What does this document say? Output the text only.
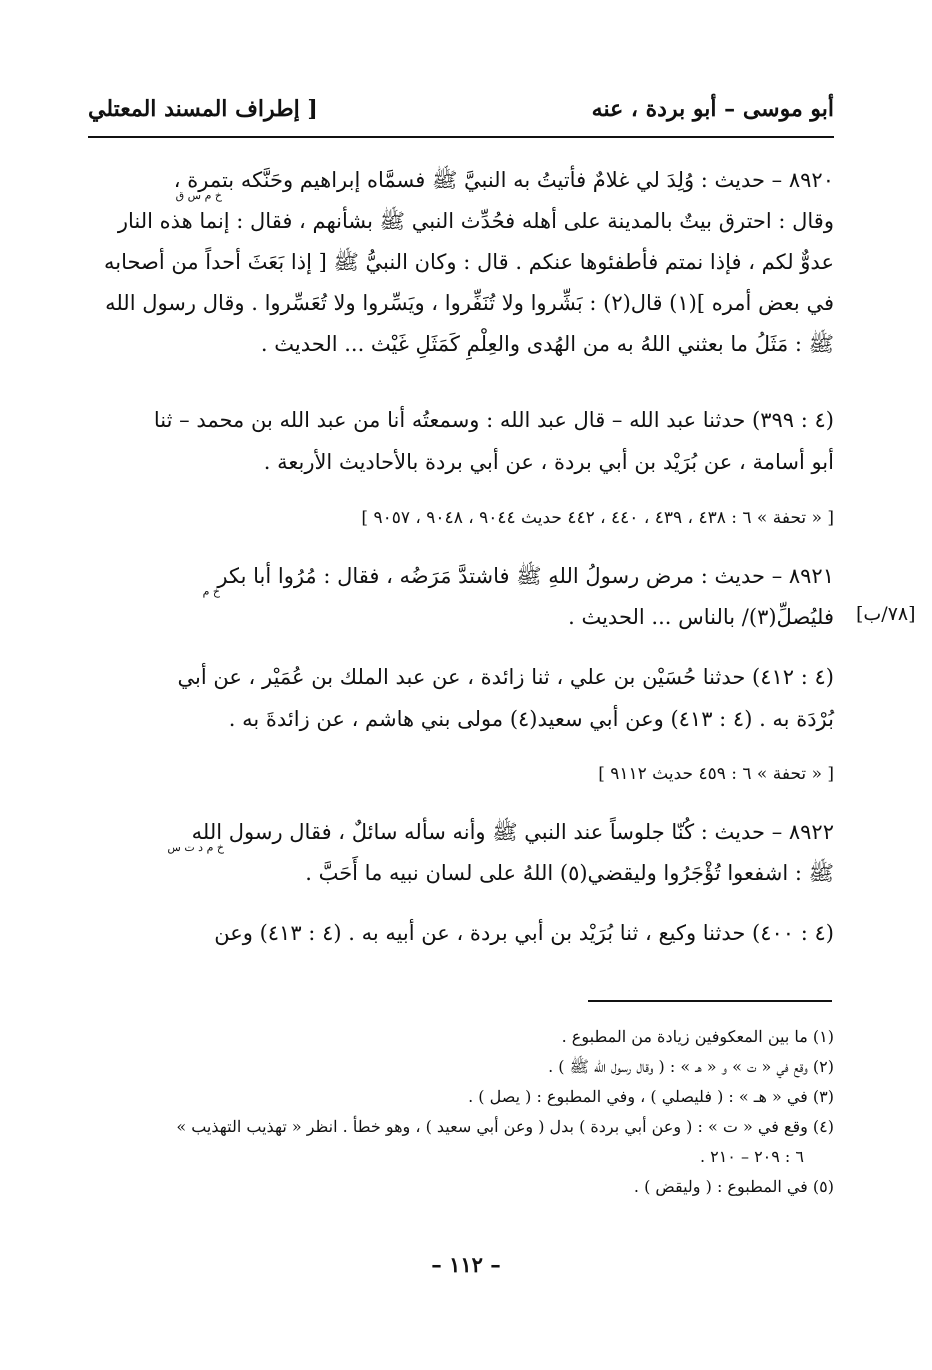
أبو موسى – أبو بردة ، عنه
[ إطراف المسند المعتلي
٨٩٢٠ – حديث : وُلِدَ لي غلامٌ فأتيتُ به النبيَّ ﷺ فسمَّاه إبراهيم وحَنَّكه بتمرة ،
وقال : احترق بيتٌ بالمدينة على أهله فحُدِّث النبي ﷺ بشأنهم ، فقال : إنما هذه النار
عدوٌّ لكم ، فإذا نمتم فأطفئوها عنكم . قال : وكان النبيُّ ﷺ [ إذا بَعَثَ أحداً من أصحابه
في بعض أمره ](١) قال(٢) : بَشِّروا ولا تُنَفِّروا ، ويَسِّروا ولا تُعَسِّروا . وقال رسول الله
ﷺ : مَثَلُ ما بعثني اللهُ به من الهُدى والعِلْمِ كَمَثَلِ غَيْث ... الحديث .
خ م س ق
(٤ : ٣٩٩) حدثنا عبد الله – قال عبد الله : وسمعتُه أنا من عبد الله بن محمد – ثنا
أبو أسامة ، عن بُرَيْد بن أبي بردة ، عن أبي بردة بالأحاديث الأربعة .
[ « تحفة » ٦ : ٤٣٨ ، ٤٣٩ ، ٤٤٠ ، ٤٤٢ حديث ٩٠٤٤ ، ٩٠٤٨ ، ٩٠٥٧ ]
٨٩٢١ – حديث : مرض رسولُ اللهِ ﷺ فاشتدَّ مَرَضُه ، فقال : مُرُوا أبا بكر
فليُصلِّ(٣)/ بالناس ... الحديث .
خ م
[٧٨/ب]
(٤ : ٤١٢) حدثنا حُسَيْن بن علي ، ثنا زائدة ، عن عبد الملك بن عُمَيْر ، عن أبي
بُرْدَة به . (٤ : ٤١٣) وعن أبي سعيد(٤) مولى بني هاشم ، عن زائدةَ به .
[ « تحفة » ٦ : ٤٥٩ حديث ٩١١٢ ]
٨٩٢٢ – حديث : كُنّا جلوساً عند النبي ﷺ وأنه سأله سائلٌ ، فقال رسول الله
ﷺ : اشفعوا تُؤْجَرُوا وليقضي(٥) اللهُ على لسان نبيه ما أَحَبَّ .
خ م د ت س
(٤ : ٤٠٠) حدثنا وكيع ، ثنا بُرَيْد بن أبي بردة ، عن أبيه به . (٤ : ٤١٣) وعن
(١) ما بين المعكوفين زيادة من المطبوع .
(٢) وقع في « ت » و « هـ » : ( وقال رسول الله ﷺ ) .
(٣) في « هـ » : ( فليصلي ) ، وفي المطبوع : ( يصل ) .
(٤) وقع في « ت » : ( وعن أبي بردة ) بدل ( وعن أبي سعيد ) ، وهو خطأ . انظر « تهذيب التهذيب »
٦ : ٢٠٩ – ٢١٠ .
(٥) في المطبوع : ( وليقض ) .
– ١١٢ –
